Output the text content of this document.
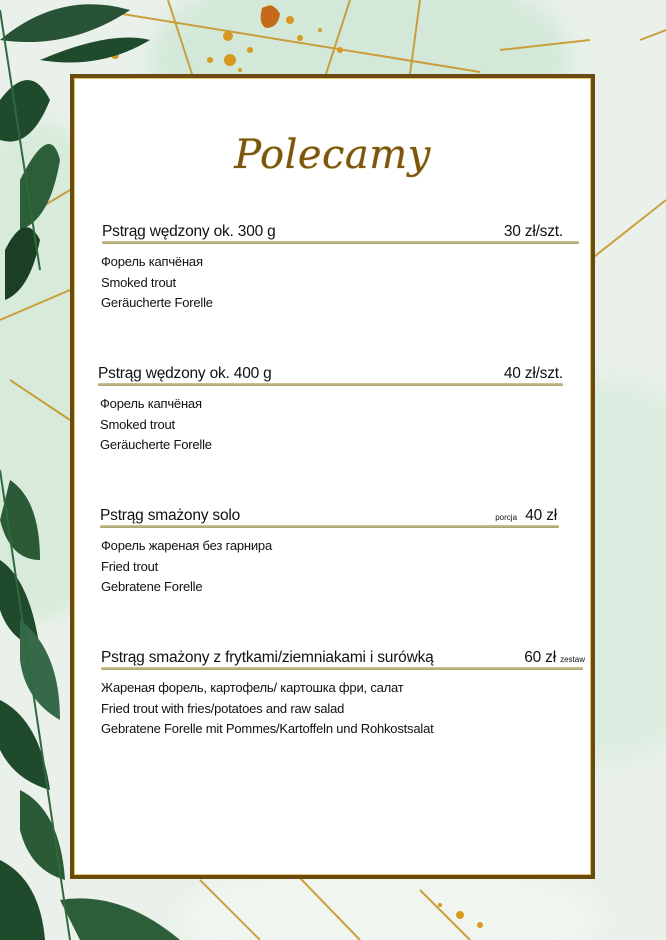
Polecamy
Pstrąg wędzony ok. 300 g	30 zł/szt.
Форель капчёная
Smoked trout
Geräucherte Forelle
Pstrąg wędzony ok. 400 g	40 zł/szt.
Форель капчёная
Smoked trout
Geräucherte Forelle
Pstrąg smażony solo	porcja 40 zł
Форель жареная без гарнира
Fried trout
Gebratene Forelle
Pstrąg smażony z frytkami/ziemniakami i surówką	60 zł zestaw
Жареная форель, картофель/ картошка фри, салат
Fried trout with fries/potatoes and raw salad
Gebratene Forelle mit Pommes/Kartoffeln und Rohkostsalat
